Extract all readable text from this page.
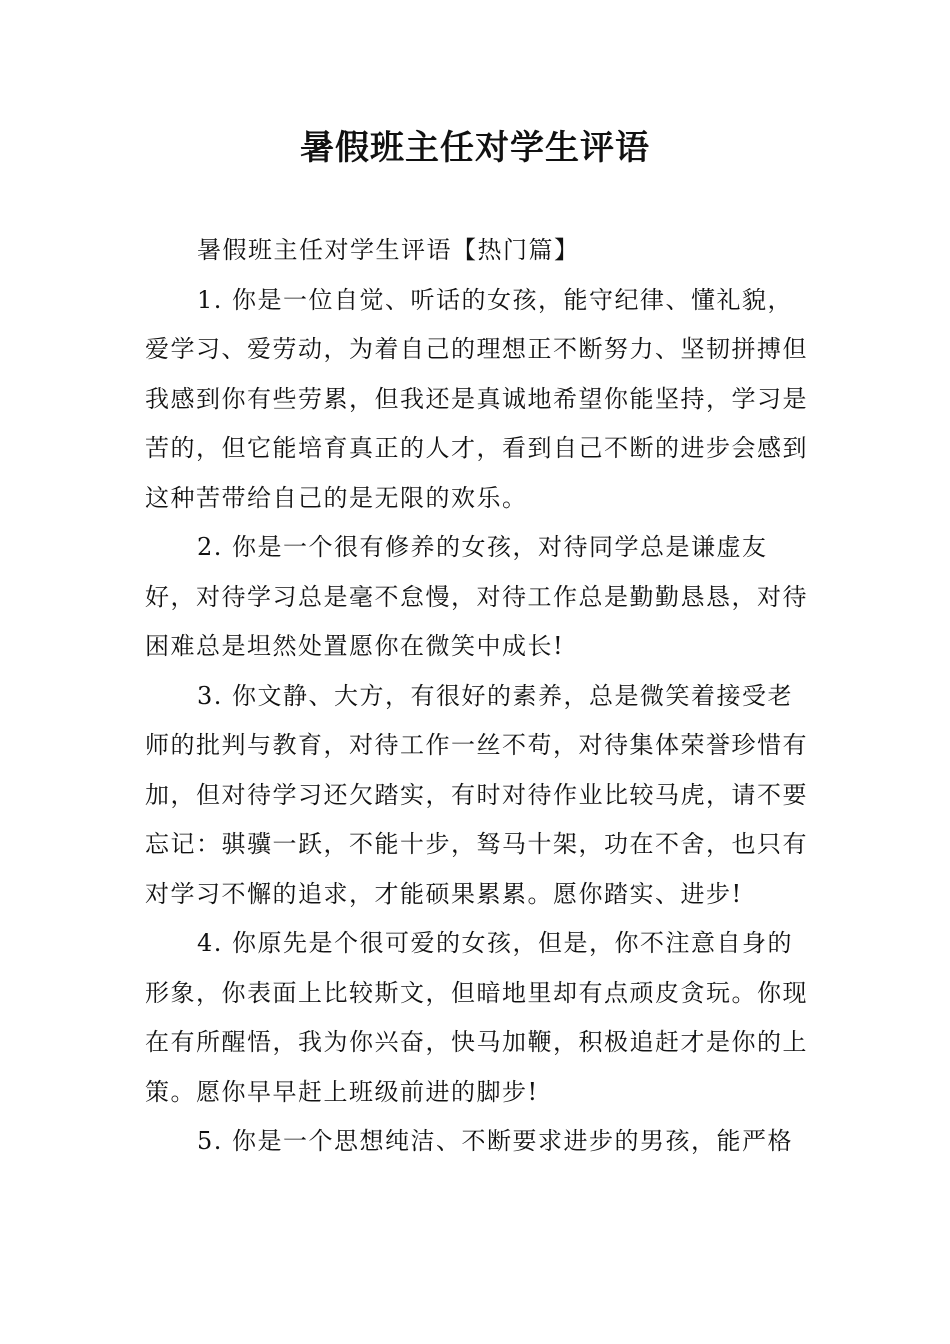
暑假班主任对学生评语

暑假班主任对学生评语【热门篇】

1. 你是一位自觉、听话的女孩，能守纪律、懂礼貌，爱学习、爱劳动，为着自己的理想正不断努力、坚韧拼搏但我感到你有些劳累，但我还是真诚地希望你能坚持，学习是苦的，但它能培育真正的人才，看到自己不断的进步会感到这种苦带给自己的是无限的欢乐。

2. 你是一个很有修养的女孩，对待同学总是谦虚友好，对待学习总是毫不怠慢，对待工作总是勤勤恳恳，对待困难总是坦然处置愿你在微笑中成长!

3. 你文静、大方，有很好的素养，总是微笑着接受老师的批判与教育，对待工作一丝不苟，对待集体荣誉珍惜有加，但对待学习还欠踏实，有时对待作业比较马虎，请不要忘记：骐骥一跃，不能十步，驽马十架，功在不舍，也只有对学习不懈的追求，才能硕果累累。愿你踏实、进步!

4. 你原先是个很可爱的女孩，但是，你不注意自身的形象，你表面上比较斯文，但暗地里却有点顽皮贪玩。你现在有所醒悟，我为你兴奋，快马加鞭，积极追赶才是你的上策。愿你早早赶上班级前进的脚步!

5. 你是一个思想纯洁、不断要求进步的男孩，能严格
